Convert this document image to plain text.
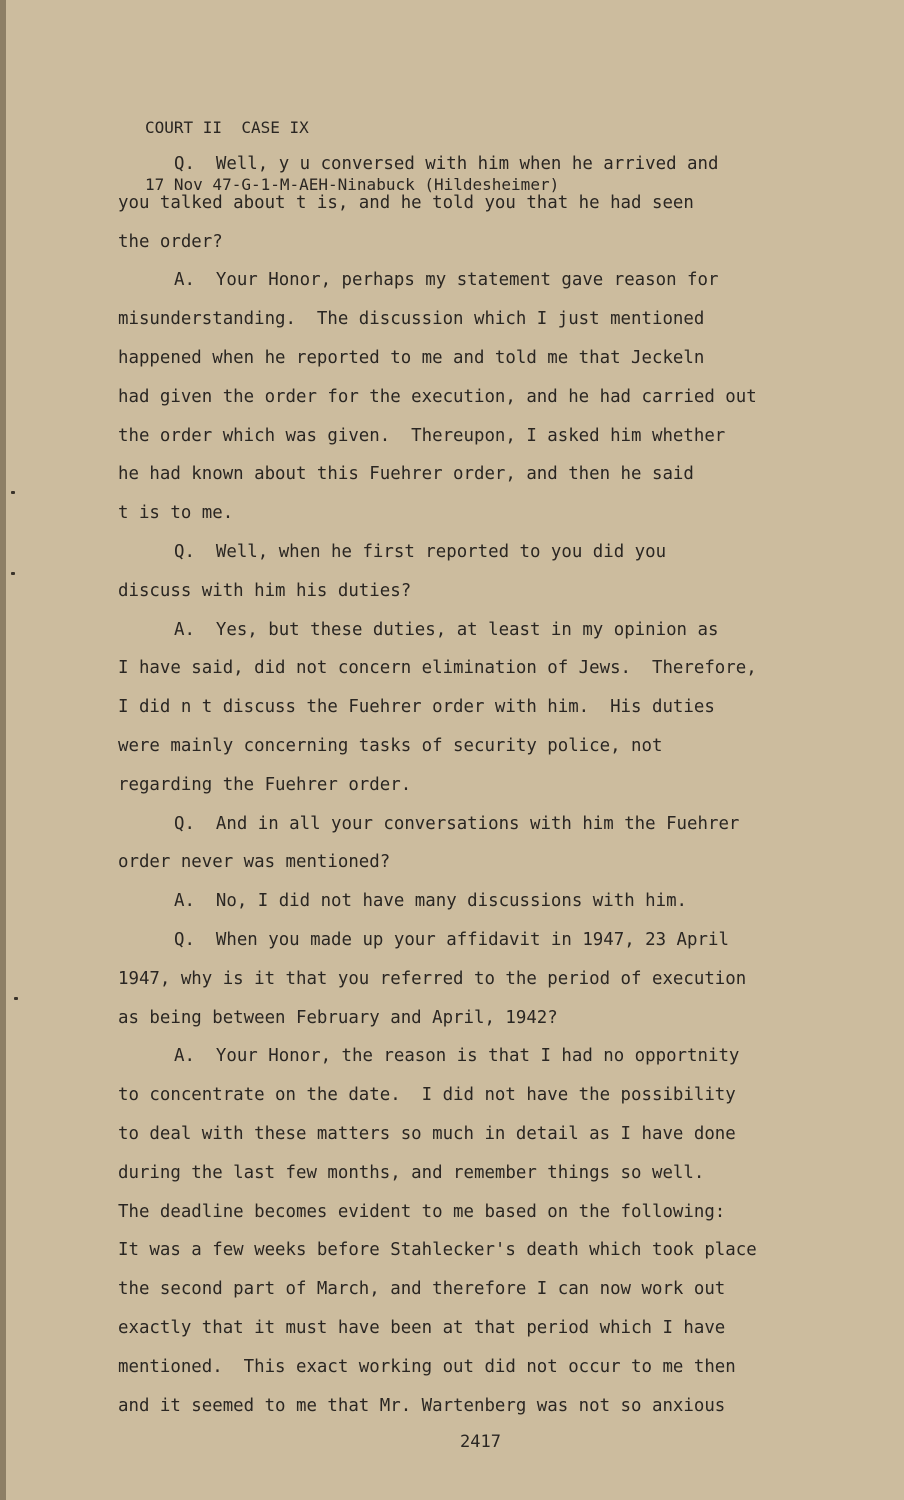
COURT II  CASE IX

17 Nov 47-G-1-M-AEH-Ninabuck (Hildesheimer)

Q.  Well, y u conversed with him when he arrived and
you talked about t is, and he told you that he had seen
the order?
A.  Your Honor, perhaps my statement gave reason for
misunderstanding.  The discussion which I just mentioned
happened when he reported to me and told me that Jeckeln
had given the order for the execution, and he had carried out
the order which was given.  Thereupon, I asked him whether
he had known about this Fuehrer order, and then he said
t is to me.
Q.  Well, when he first reported to you did you
discuss with him his duties?
A.  Yes, but these duties, at least in my opinion as
I have said, did not concern elimination of Jews.  Therefore,
I did n t discuss the Fuehrer order with him.  His duties
were mainly concerning tasks of security police, not
regarding the Fuehrer order.
Q.  And in all your conversations with him the Fuehrer
order never was mentioned?
A.  No, I did not have many discussions with him.
Q.  When you made up your affidavit in 1947, 23 April
1947, why is it that you referred to the period of execution
as being between February and April, 1942?
A.  Your Honor, the reason is that I had no opportnity
to concentrate on the date.  I did not have the possibility
to deal with these matters so much in detail as I have done
during the last few months, and remember things so well.
The deadline becomes evident to me based on the following:
It was a few weeks before Stahlecker's death which took place
the second part of March, and therefore I can now work out
exactly that it must have been at that period which I have
mentioned.  This exact working out did not occur to me then
and it seemed to me that Mr. Wartenberg was not so anxious
2417
